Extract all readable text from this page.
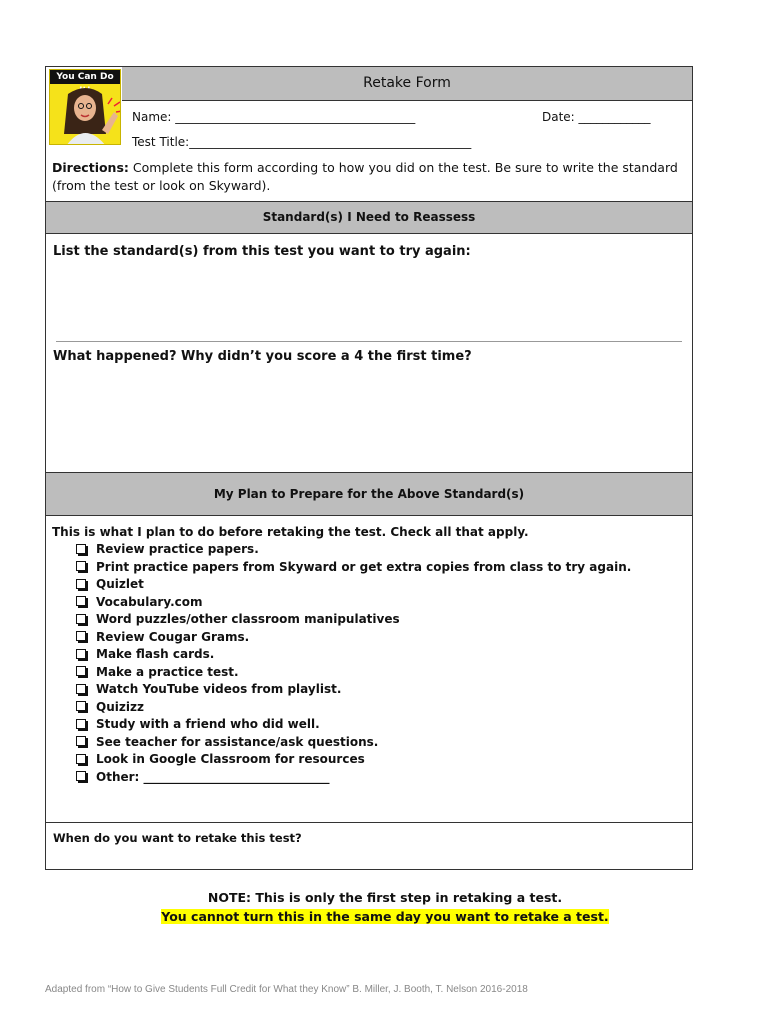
You Can Do	Retake Form
Name: ________________________________________	Date: ____________
Test Title:_______________________________________________
Directions: Complete this form according to how you did on the test. Be sure to write the standard (from the test or look on Skyward).
Standard(s) I Need to Reassess
List the standard(s) from this test you want to try again:
What happened? Why didn’t you score a 4 the first time?
My Plan to Prepare for the Above Standard(s)
This is what I plan to do before retaking the test. Check all that apply.
Review practice papers.
Print practice papers from Skyward or get extra copies from class to try again.
Quizlet
Vocabulary.com
Word puzzles/other classroom manipulatives
Review Cougar Grams.
Make flash cards.
Make a practice test.
Watch YouTube videos from playlist.
Quizizz
Study with a friend who did well.
See teacher for assistance/ask questions.
Look in Google Classroom for resources
Other: _______________________________
When do you want to retake this test?
NOTE: This is only the first step in retaking a test.
You cannot turn this in the same day you want to retake a test.
Adapted from “How to Give Students Full Credit for What they Know” B. Miller, J. Booth, T. Nelson 2016-2018
